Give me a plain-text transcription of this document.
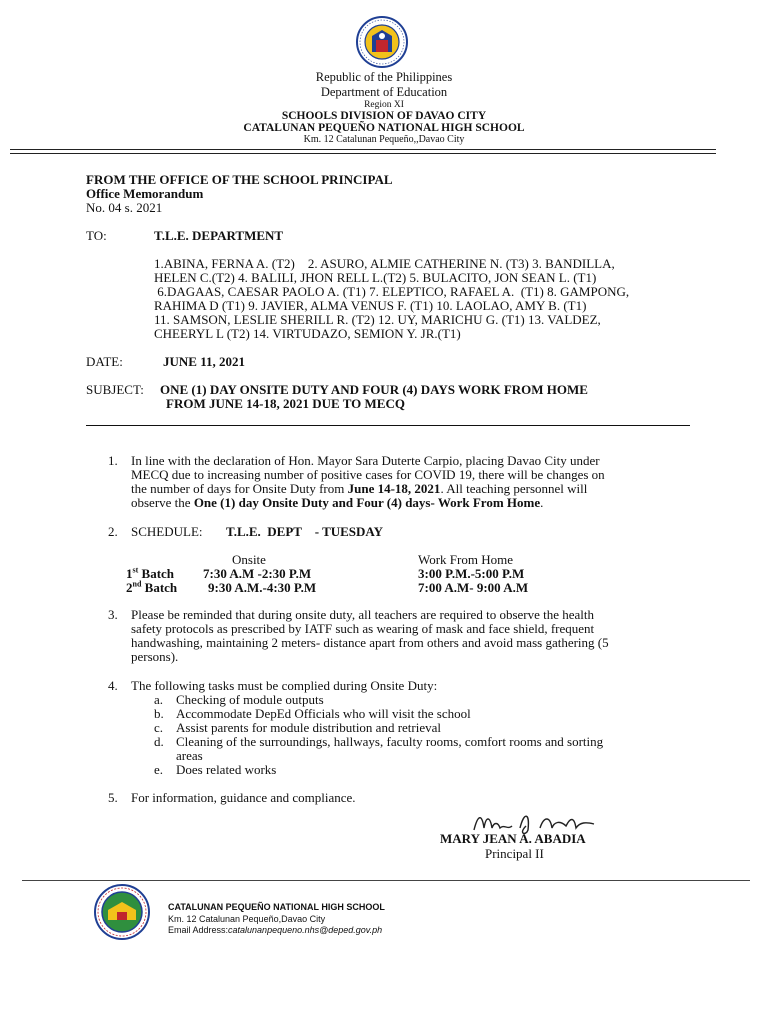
Republic of the Philippines
Department of Education
Region XI
SCHOOLS DIVISION OF DAVAO CITY
CATALUNAN PEQUEÑO NATIONAL HIGH SCHOOL
Km. 12 Catalunan Pequeño,,Davao City
FROM THE OFFICE OF THE SCHOOL PRINCIPAL
Office Memorandum
No. 04 s. 2021
TO:	T.L.E. DEPARTMENT
1.ABINA, FERNA A. (T2)    2. ASURO, ALMIE CATHERINE N. (T3) 3. BANDILLA,
HELEN C.(T2) 4. BALILI, JHON RELL L.(T2) 5. BULACITO, JON SEAN L. (T1)
6.DAGAAS, CAESAR PAOLO A. (T1) 7. ELEPTICO, RAFAEL A.  (T1) 8. GAMPONG,
RAHIMA D (T1) 9. JAVIER, ALMA VENUS F. (T1) 10. LAOLAO, AMY B. (T1)
11. SAMSON, LESLIE SHERILL R. (T2) 12. UY, MARICHU G. (T1) 13. VALDEZ,
CHEERYL L (T2) 14. VIRTUDAZO, SEMION Y. JR.(T1)
DATE:	JUNE 11, 2021
SUBJECT: ONE (1) DAY ONSITE DUTY AND FOUR (4) DAYS WORK FROM HOME
FROM JUNE 14-18, 2021 DUE TO MECQ
1.	In line with the declaration of Hon. Mayor Sara Duterte Carpio, placing Davao City under
MECQ due to increasing number of positive cases for COVID 19, there will be changes on
the number of days for Onsite Duty from June 14-18, 2021. All teaching personnel will
observe the One (1) day Onsite Duty and Four (4) days- Work From Home.
2.	SCHEDULE: T.L.E.  DEPT    - TUESDAY
Onsite	Work From Home
1st Batch 7:30 A.M -2:30 P.M	3:00 P.M.-5:00 P.M
2nd Batch 9:30 A.M.-4:30 P.M	7:00 A.M- 9:00 A.M
3.	Please be reminded that during onsite duty, all teachers are required to observe the health
safety protocols as prescribed by IATF such as wearing of mask and face shield, frequent
handwashing, maintaining 2 meters- distance apart from others and avoid mass gathering (5
persons).
4.	The following tasks must be complied during Onsite Duty:
a. Checking of module outputs
b. Accommodate DepEd Officials who will visit the school
c. Assist parents for module distribution and retrieval
d. Cleaning of the surroundings, hallways, faculty rooms, comfort rooms and sorting
areas
e. Does related works
5.	For information, guidance and compliance.
MARY JEAN A. ABADIA
Principal II
CATALUNAN PEQUEÑO NATIONAL HIGH SCHOOL
Km. 12 Catalunan Pequeño,Davao City
Email Address:catalunanpequeno.nhs@deped.gov.ph
